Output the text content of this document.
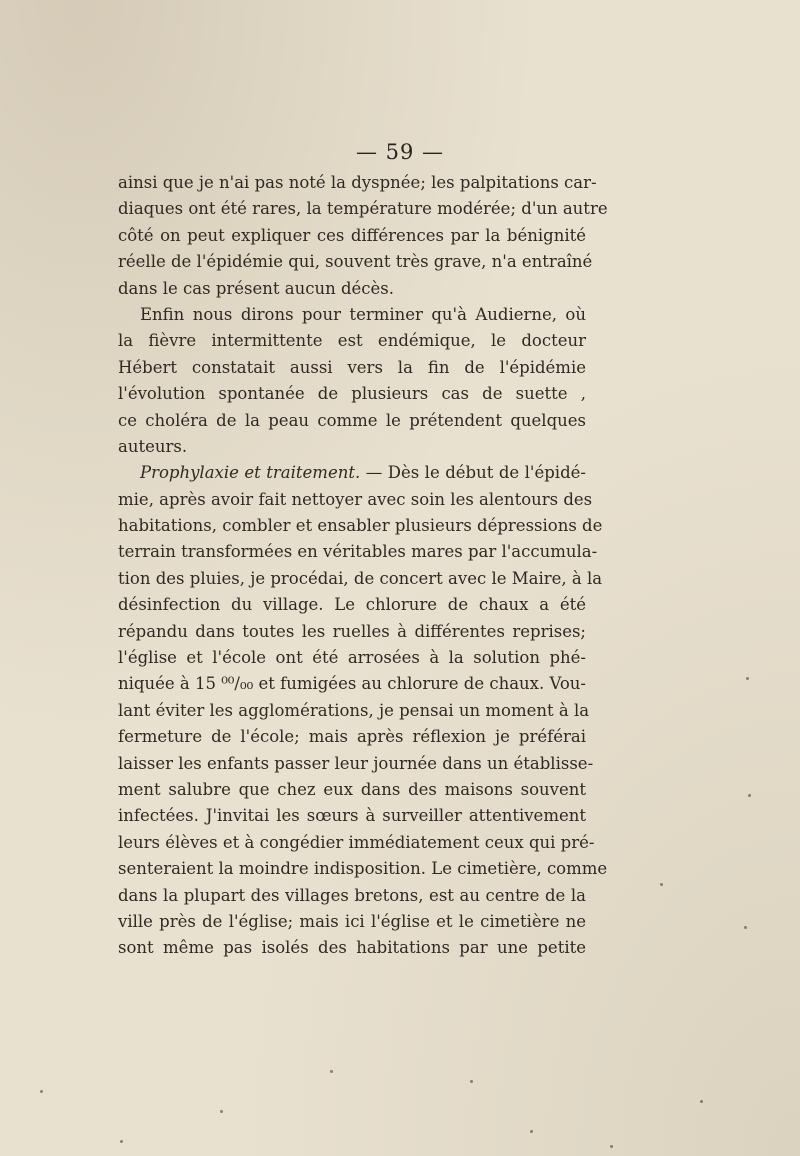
— 59 —
ainsi que je n'ai pas noté la dyspnée; les palpitations car-
diaques ont été rares, la température modérée; d'un autre
côté on peut expliquer ces différences par la bénignité
réelle de l'épidémie qui, souvent très grave, n'a entraîné
dans le cas présent aucun décès.
Enfin nous dirons pour terminer qu'à Audierne, où
la fièvre intermittente est endémique, le docteur
Hébert constatait aussi vers la fin de l'épidémie
l'évolution spontanée de plusieurs cas de suette ,
ce choléra de la peau comme le prétendent quelques
auteurs.
Prophylaxie et traitement. — Dès le début de l'épidé-
mie, après avoir fait nettoyer avec soin les alentours des
habitations, combler et ensabler plusieurs dépressions de
terrain transformées en véritables mares par l'accumula-
tion des pluies, je procédai, de concert avec le Maire, à la
désinfection du village. Le chlorure de chaux a été
répandu dans toutes les ruelles à différentes reprises;
l'église et l'école ont été arrosées à la solution phé-
niquée à 15 ⁰⁰/₀₀ et fumigées au chlorure de chaux. Vou-
lant éviter les agglomérations, je pensai un moment à la
fermeture de l'école; mais après réflexion je préférai
laisser les enfants passer leur journée dans un établisse-
ment salubre que chez eux dans des maisons souvent
infectées. J'invitai les sœurs à surveiller attentivement
leurs élèves et à congédier immédiatement ceux qui pré-
senteraient la moindre indisposition. Le cimetière, comme
dans la plupart des villages bretons, est au centre de la
ville près de l'église; mais ici l'église et le cimetière ne
sont même pas isolés des habitations par une petite
